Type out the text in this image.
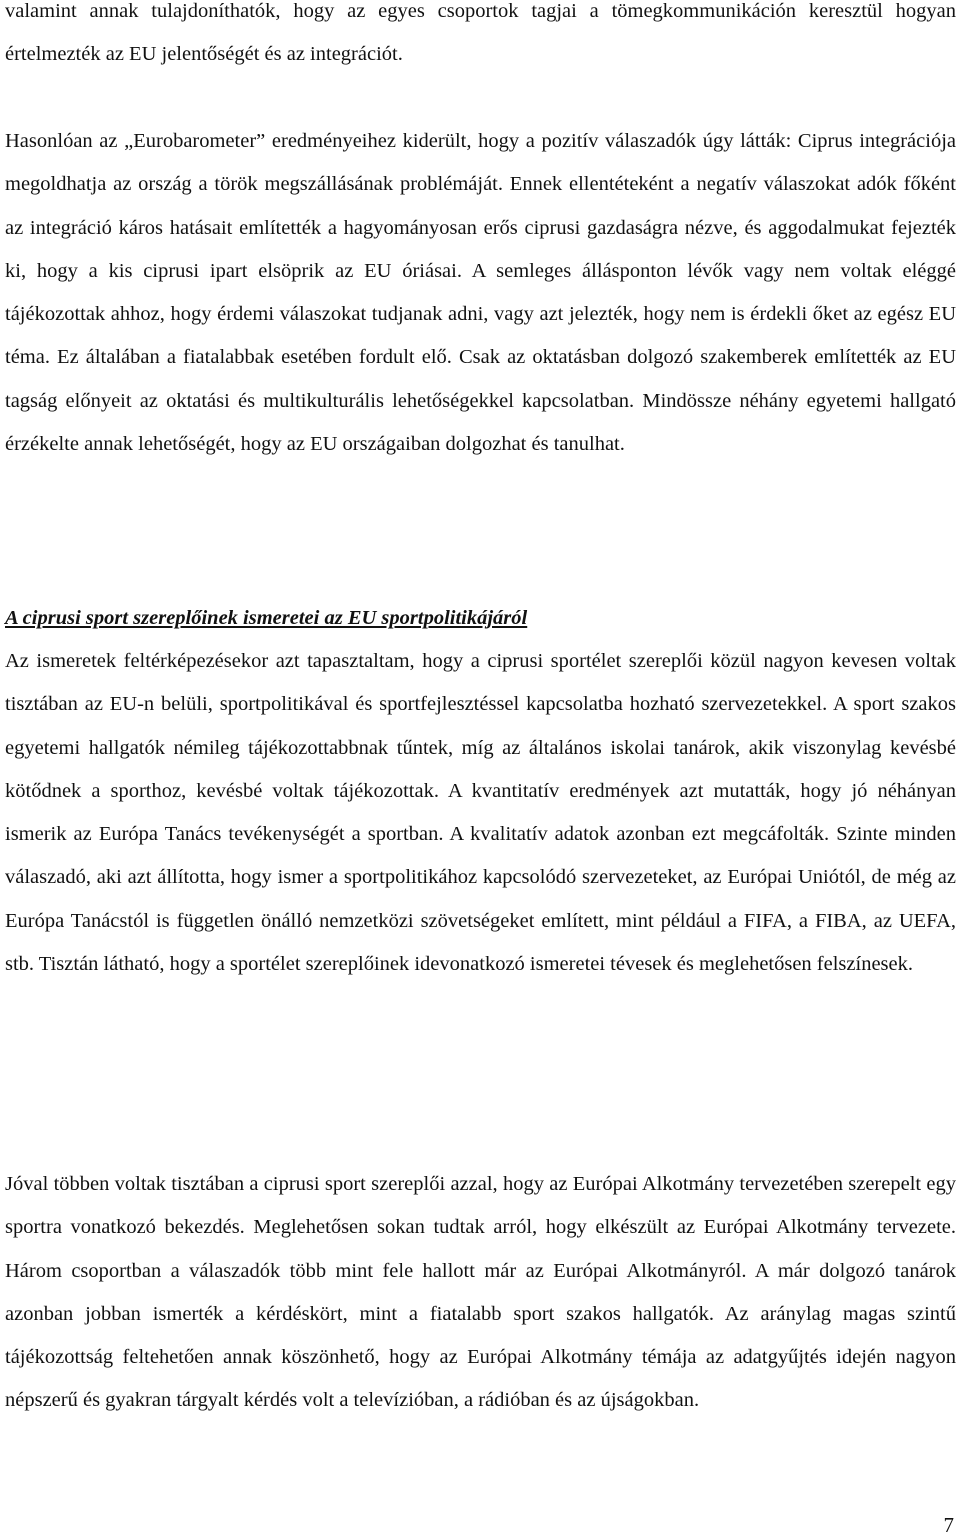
valamint annak tulajdoníthatók, hogy az egyes csoportok tagjai a tömegkommunikáción keresztül hogyan értelmezték az EU jelentőségét és az integrációt.

Hasonlóan az „Eurobarometer” eredményeihez kiderült, hogy a pozitív válaszadók úgy látták: Ciprus integrációja megoldhatja az ország a török megszállásának problémáját. Ennek ellentéteként a negatív válaszokat adók főként az integráció káros hatásait említették a hagyományosan erős ciprusi gazdaságra nézve, és aggodalmukat fejezték ki, hogy a kis ciprusi ipart elsöprik az EU óriásai. A semleges állásponton lévők vagy nem voltak eléggé tájékozottak ahhoz, hogy érdemi válaszokat tudjanak adni, vagy azt jelezték, hogy nem is érdekli őket az egész EU téma. Ez általában a fiatalabbak esetében fordult elő. Csak az oktatásban dolgozó szakemberek említették az EU tagság előnyeit az oktatási és multikulturális lehetőségekkel kapcsolatban. Mindössze néhány egyetemi hallgató érzékelte annak lehetőségét, hogy az EU országaiban dolgozhat és tanulhat.

A ciprusi sport szereplőinek ismeretei az EU sportpolitikájáról

Az ismeretek feltérképezésekor azt tapasztaltam, hogy a ciprusi sportélet szereplői közül nagyon kevesen voltak tisztában az EU-n belüli, sportpolitikával és sportfejlesztéssel kapcsolatba hozható szervezetekkel. A sport szakos egyetemi hallgatók némileg tájékozottabbnak tűntek, míg az általános iskolai tanárok, akik viszonylag kevésbé kötődnek a sporthoz, kevésbé voltak tájékozottak. A kvantitatív eredmények azt mutatták, hogy jó néhányan ismerik az Európa Tanács tevékenységét a sportban. A kvalitatív adatok azonban ezt megcáfolták. Szinte minden válaszadó, aki azt állította, hogy ismer a sportpolitikához kapcsolódó szervezeteket, az Európai Uniótól, de még az Európa Tanácstól is független önálló nemzetközi szövetségeket említett, mint például a FIFA, a FIBA, az UEFA, stb. Tisztán látható, hogy a sportélet szereplőinek idevonatkozó ismeretei tévesek és meglehetősen felszínesek.

Jóval többen voltak tisztában a ciprusi sport szereplői azzal, hogy az Európai Alkotmány tervezetében szerepelt egy sportra vonatkozó bekezdés. Meglehetősen sokan tudtak arról, hogy elkészült az Európai Alkotmány tervezete. Három csoportban a válaszadók több mint fele hallott már az Európai Alkotmányról. A már dolgozó tanárok azonban jobban ismerték a kérdéskört, mint a fiatalabb sport szakos hallgatók. Az aránylag magas szintű tájékozottság feltehetően annak köszönhető, hogy az Európai Alkotmány témája az adatgyűjtés idején nagyon népszerű és gyakran tárgyalt kérdés volt a televízióban, a rádióban és az újságokban.

7
